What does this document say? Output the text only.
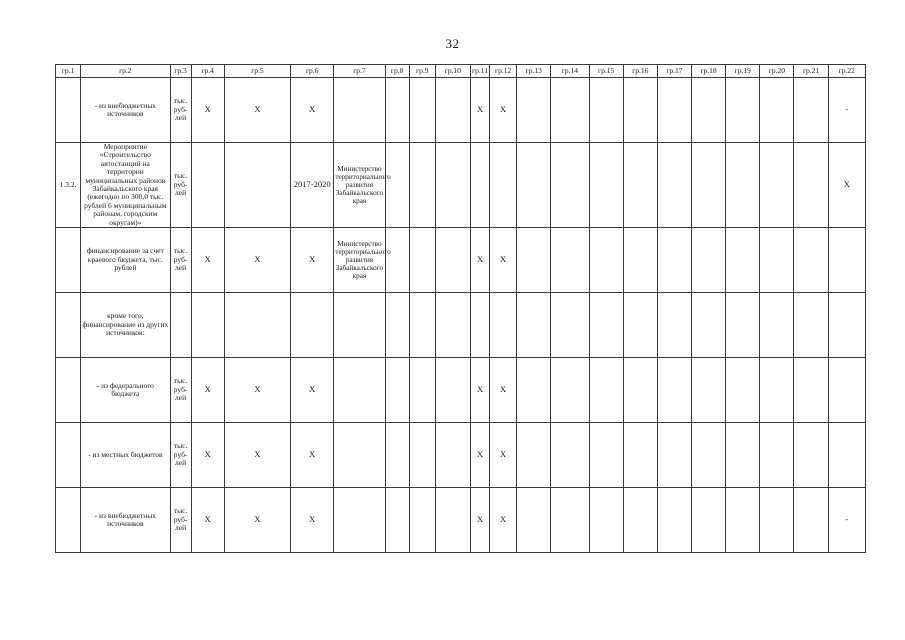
32
гр.1	гр.2	гр.3	гр.4	гр.5	гр.6	гр.7	гр.8	гр.9	гр.10	гр.11	гр.12	гр.13	гр.14	гр.15	гр.16	гр.17	гр.18	гр.19	гр.20	гр.21	гр.22
	- из внебюджетных источников	тыс. руб-лей	X	X	X					X	X										-
1.3.2.	Мероприятие «Строительство автостанций на территории муниципальных районов Забайкальского края (ежегодно по 300,0 тыс. рублей 6 муниципальным районам, городским округам)»	тыс. руб-лей			2017-2020	Министерство территориального развития Забайкальского края															X
	финансирование за счет краевого бюджета, тыс. рублей	тыс. руб-лей	X	X	X	Министерство территориального развития Забайкальского края				X	X										
	кроме того, финансирование из других источников:																				
	- из федерального бюджета	тыс. руб-лей	X	X	X					X	X										
	- из местных бюджетов	тыс. руб-лей	X	X	X					X	X										
	- из внебюджетных источников	тыс. руб-лей	X	X	X					X	X										-
